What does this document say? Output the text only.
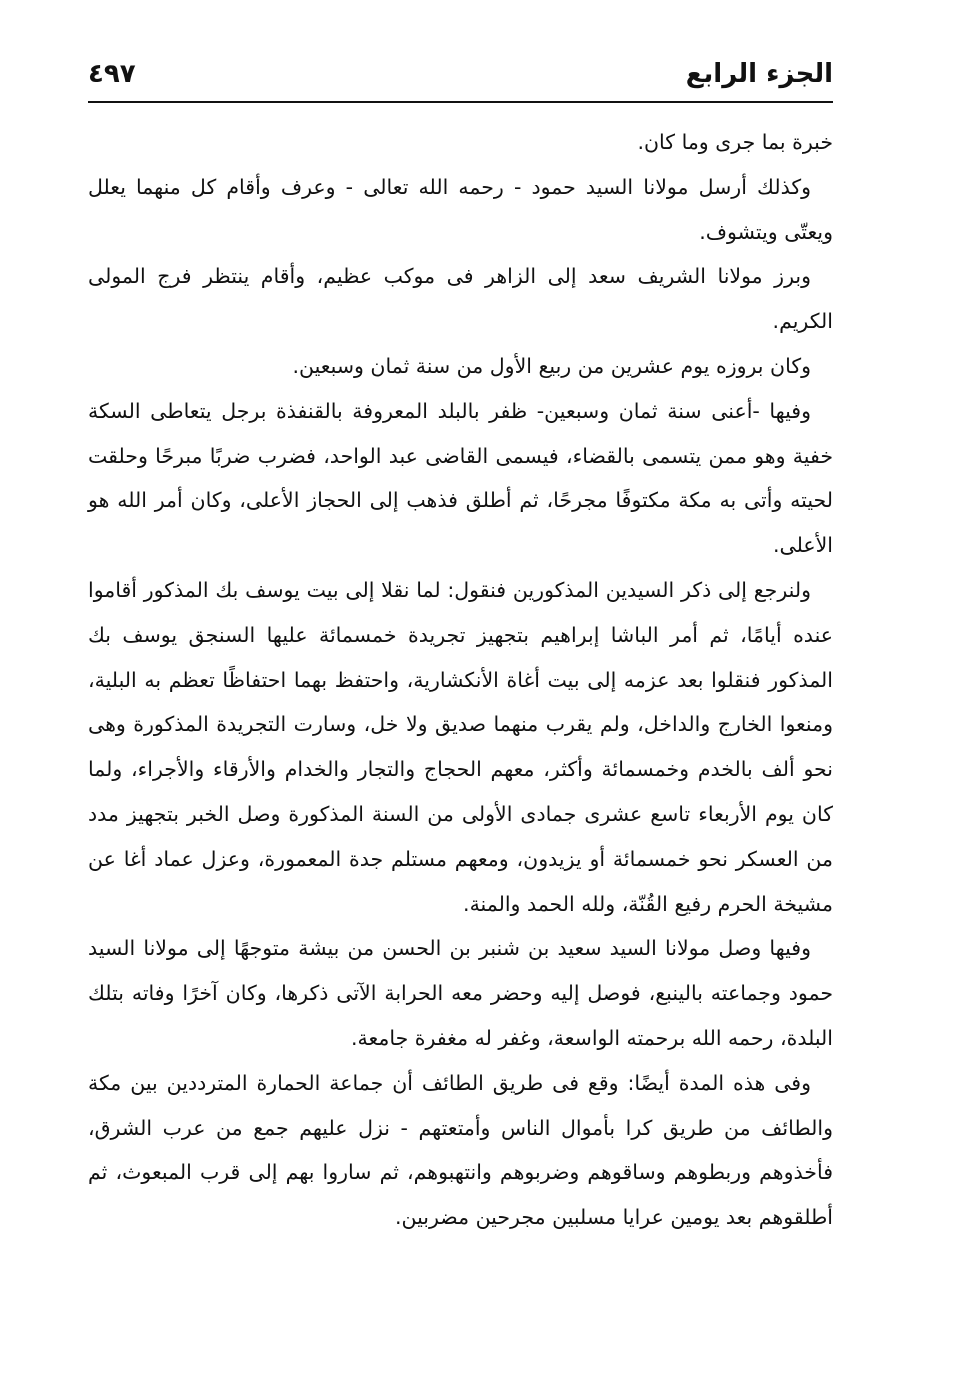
الجزء الرابع
٤٩٧

خبرة بما جرى وما كان.

وكذلك أرسل مولانا السيد حمود - رحمه الله تعالى - وعرف وأقام كل منهما يعلل ويعتّى ويتشوف.

وبرز مولانا الشريف سعد إلى الزاهر فى موكب عظيم، وأقام ينتظر فرج المولى الكريم.

وكان بروزه يوم عشرين من ربيع الأول من سنة ثمان وسبعين.

وفيها -أعنى سنة ثمان وسبعين- ظفر بالبلد المعروفة بالقنفذة برجل يتعاطى السكة خفية وهو ممن يتسمى بالقضاء، فيسمى القاضى عبد الواحد، فضرب ضربًا مبرحًا وحلقت لحيته وأتى به مكة مكتوفًا مجرحًا، ثم أطلق فذهب إلى الحجاز الأعلى، وكان أمر الله هو الأعلى.

ولنرجع إلى ذكر السيدين المذكورين فنقول: لما نقلا إلى بيت يوسف بك المذكور أقاموا عنده أيامًا، ثم أمر الباشا إبراهيم بتجهيز تجريدة خمسمائة عليها السنجق يوسف بك المذكور فنقلوا بعد عزمه إلى بيت أغاة الأنكشارية، واحتفظ بهما احتفاظًا تعظم به البلية، ومنعوا الخارج والداخل، ولم يقرب منهما صديق ولا خل، وسارت التجريدة المذكورة وهى نحو ألف بالخدم وخمسمائة وأكثر، معهم الحجاج والتجار والخدام والأرقاء والأجراء، ولما كان يوم الأربعاء تاسع عشرى جمادى الأولى من السنة المذكورة وصل الخبر بتجهيز مدد من العسكر نحو خمسمائة أو يزيدون، ومعهم مستلم جدة المعمورة، وعزل عماد أغا عن مشيخة الحرم رفيع القُنّة، ولله الحمد والمنة.

وفيها وصل مولانا السيد سعيد بن شنبر بن الحسن من بيشة متوجهًا إلى مولانا السيد حمود وجماعته بالينبع، فوصل إليه وحضر معه الحرابة الآتى ذكرها، وكان آخرًا وفاته بتلك البلدة، رحمه الله برحمته الواسعة، وغفر له مغفرة جامعة.

وفى هذه المدة أيضًا: وقع فى طريق الطائف أن جماعة الحمارة المترددين بين مكة والطائف من طريق كرا بأموال الناس وأمتعتهم - نزل عليهم جمع من عرب الشرق، فأخذوهم وربطوهم وساقوهم وضربوهم وانتهبوهم، ثم ساروا بهم إلى قرب المبعوث، ثم أطلقوهم بعد يومين عرايا مسلبين مجرحين مضربين.
